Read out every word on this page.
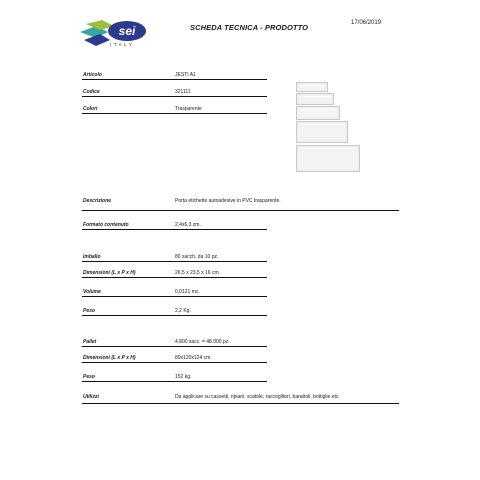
sei
ITALY
SCHEDA TECNICA - PRODOTTO	17/06/2019
Articolo	JESTI A1
Codice	321111
Colori	Trasparente
Descrizione	Porta etichette autoadesive in PVC trasparente.
Formato contenuto	2,4x6,3 cm.
Imballo	80 sacch. da 10 pz.
Dimensioni (L x P x H)	26,5 x 23,5 x 16 cm.
Volume	0,0121 mc.
Peso	2,2 Kg.
Pallet	4.800 sacc. = 48.000 pz.
Dimensioni (L x P x H)	80x120x124 cm.
Peso	152 kg.
Utilizzi	Da applicare su cassetti, ripiani, scatole, raccoglitori, barattoli, bottiglie etc.
